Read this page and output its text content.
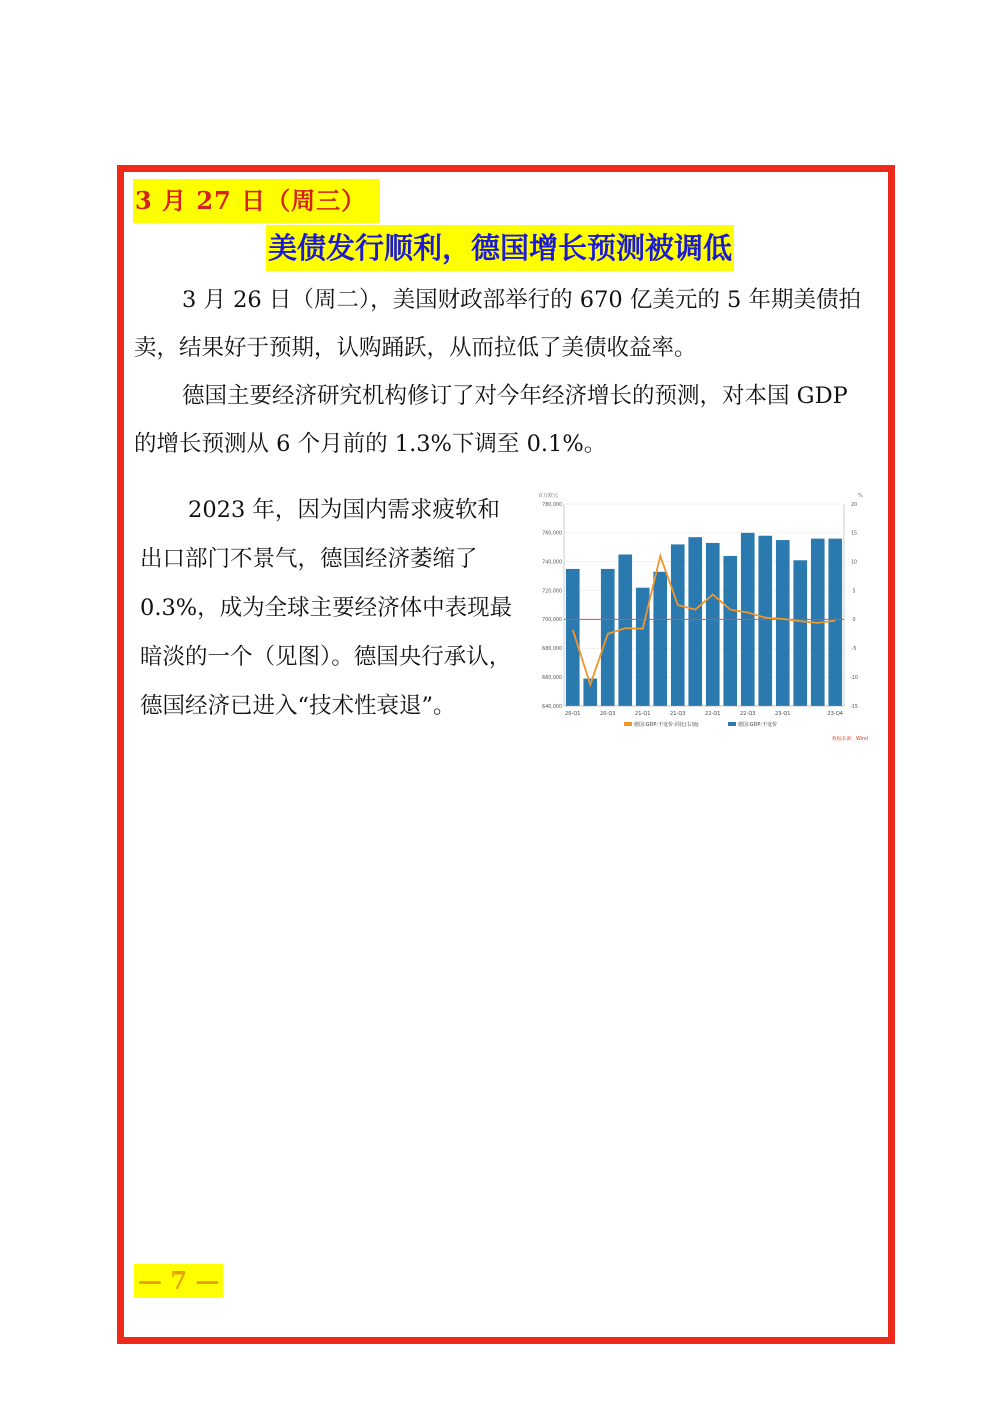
3 月 27 日（周三）
美债发行顺利，德国增长预测被调低

3 月 26 日（周二），美国财政部举行的 670 亿美元的 5 年期美债拍卖，结果好于预期，认购踊跃，从而拉低了美债收益率。

德国主要经济研究机构修订了对今年经济增长的预测，对本国 GDP 的增长预测从 6 个月前的 1.3%下调至 0.1%。

2023 年，因为国内需求疲软和出口部门不景气，德国经济萎缩了 0.3%，成为全球主要经济体中表现最暗淡的一个（见图）。德国央行承认，德国经济已进入“技术性衰退”。

百万欧元	%
780,000
760,000
740,000
720,000
700,000
680,000
660,000
640,000
20
15
10
5
0
-5
-10
-15
20-Q1	20-Q3	21-Q1	21-Q3	22-Q1	22-Q3	23-Q1	23-Q4
德国:GDP:不变价:同比(右轴)	德国:GDP:不变价
数据来源：Wind
— 7 —
